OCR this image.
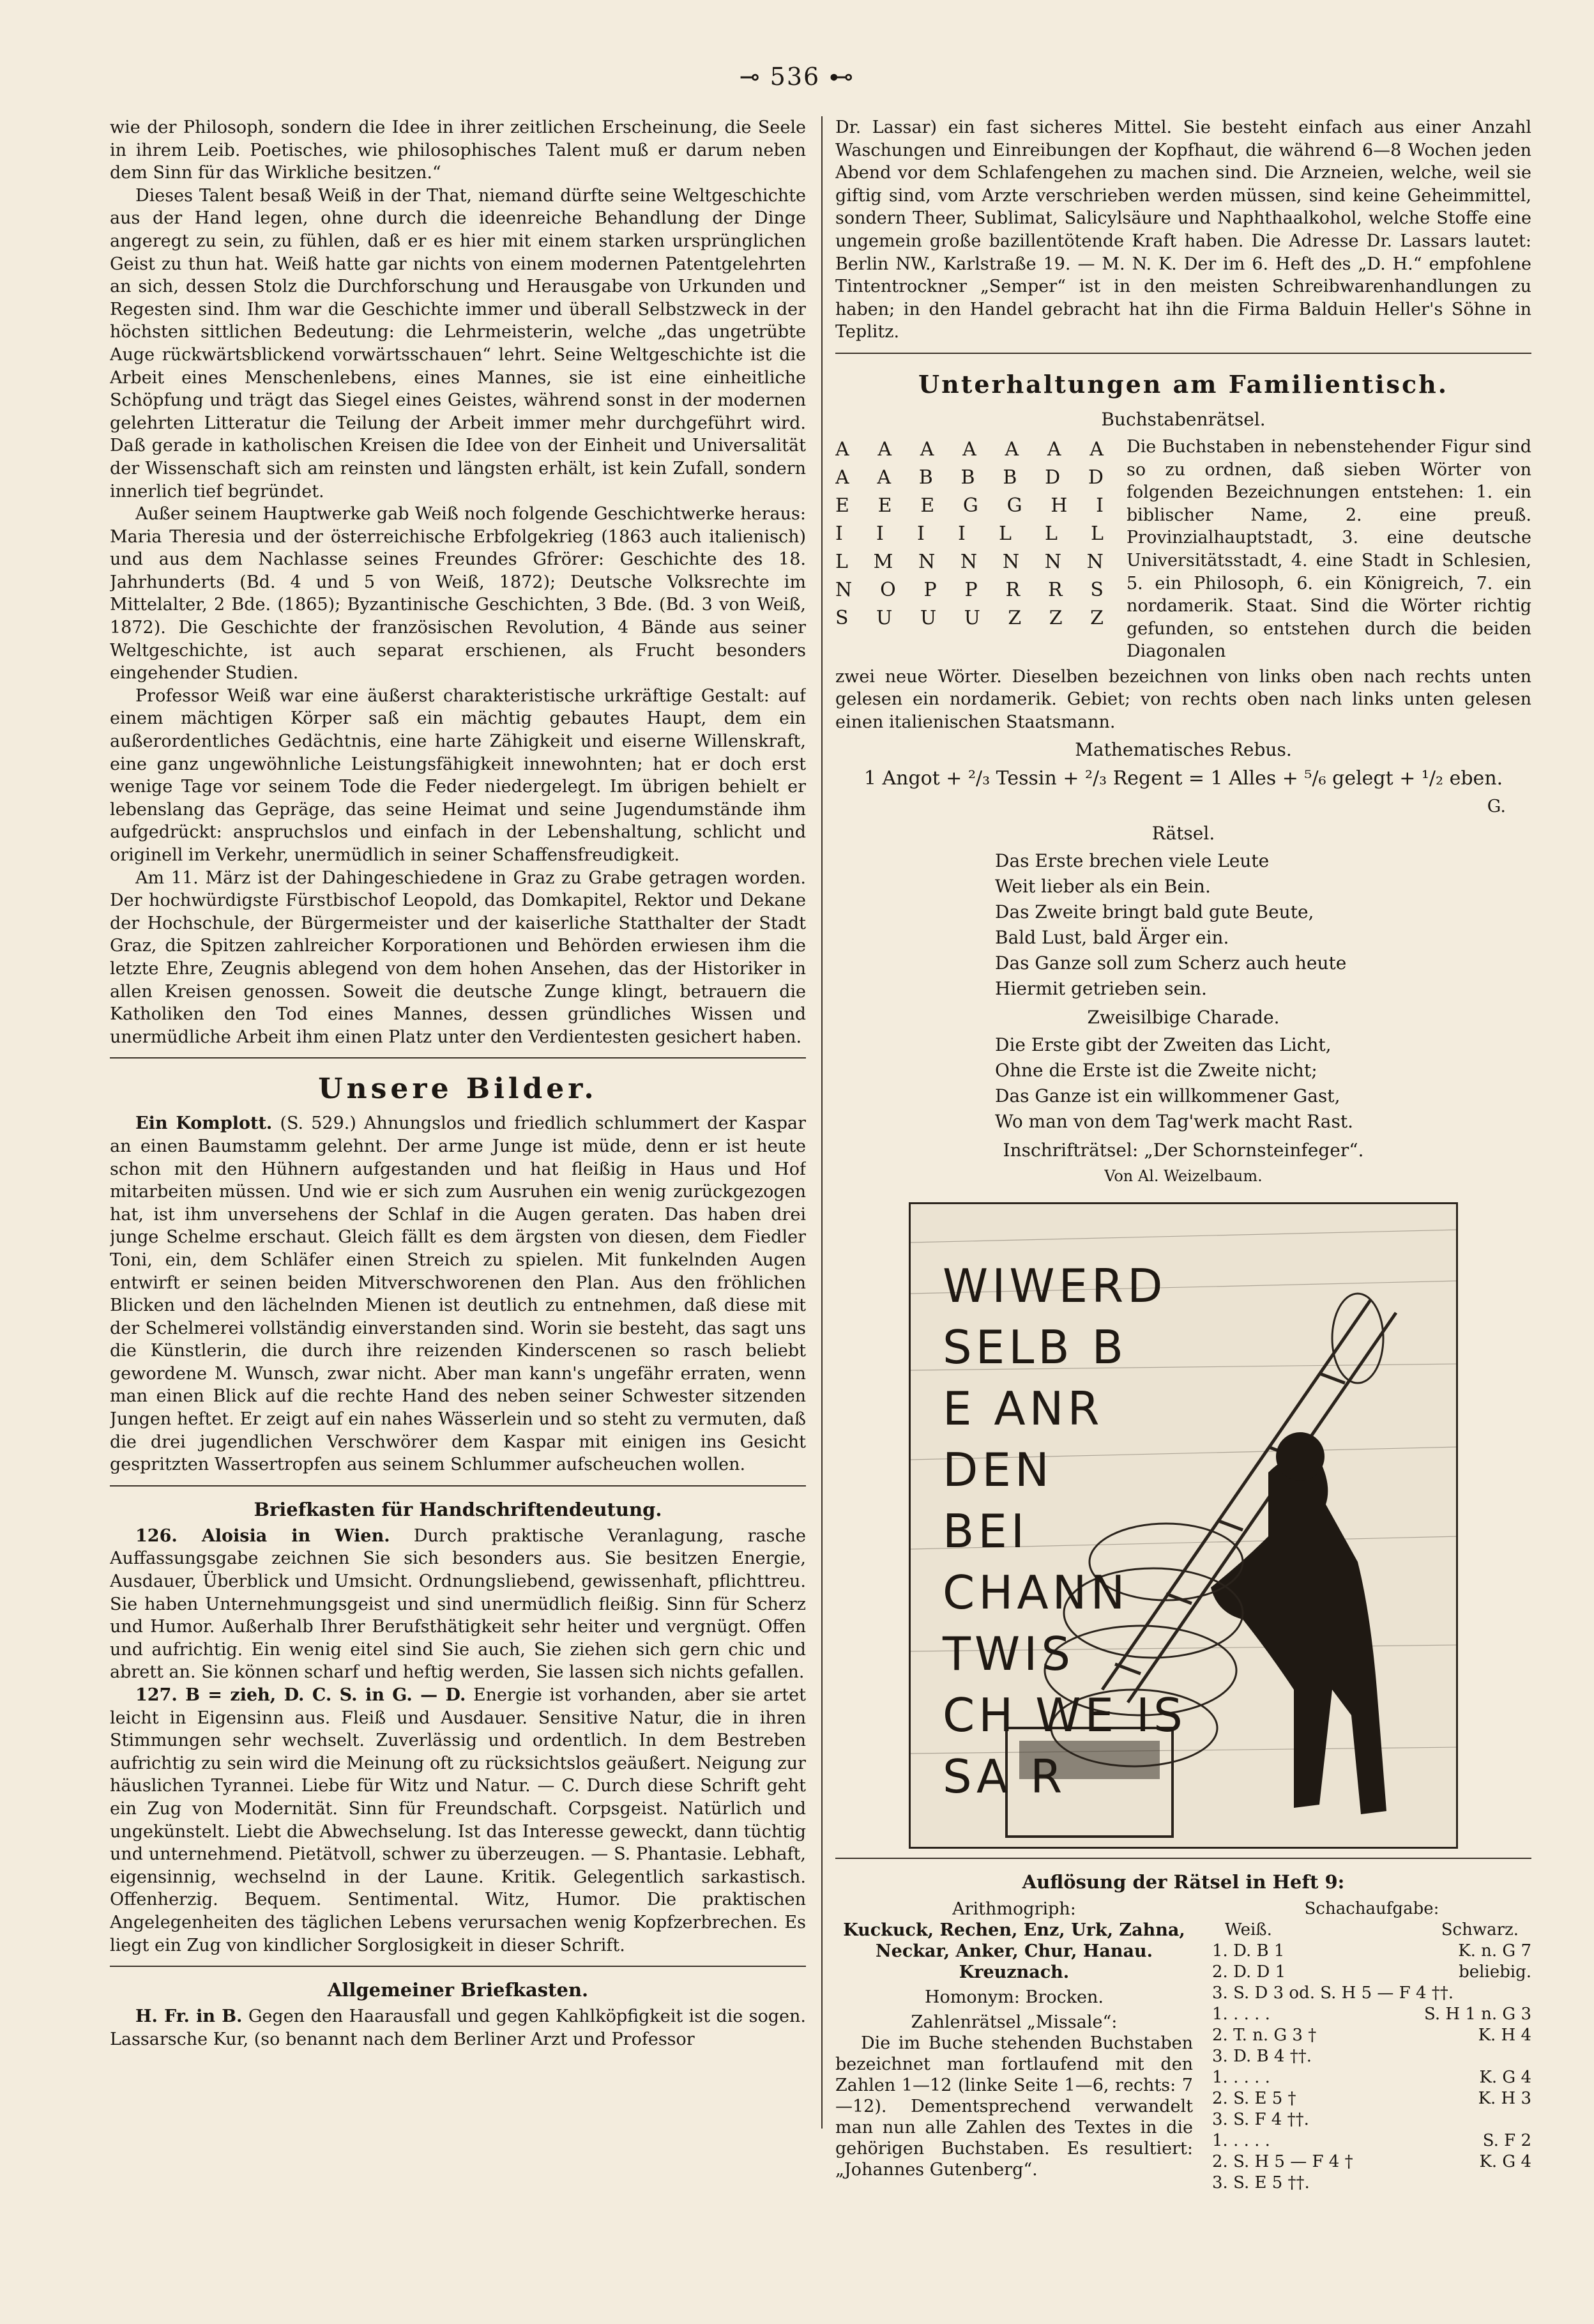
⊸ 536 ⊷

wie der Philosoph, sondern die Idee in ihrer zeitlichen Erscheinung, die Seele in ihrem Leib. Poetisches, wie philosophisches Talent muß er darum neben dem Sinn für das Wirkliche besitzen.“

Dieses Talent besaß Weiß in der That, niemand dürfte seine Weltgeschichte aus der Hand legen, ohne durch die ideenreiche Behandlung der Dinge angeregt zu sein, zu fühlen, daß er es hier mit einem starken ursprünglichen Geist zu thun hat. Weiß hatte gar nichts von einem modernen Patentgelehrten an sich, dessen Stolz die Durchforschung und Herausgabe von Urkunden und Regesten sind. Ihm war die Geschichte immer und überall Selbstzweck in der höchsten sittlichen Bedeutung: die Lehrmeisterin, welche „das ungetrübte Auge rückwärtsblickend vorwärtsschauen“ lehrt. Seine Weltgeschichte ist die Arbeit eines Menschenlebens, eines Mannes, sie ist eine einheitliche Schöpfung und trägt das Siegel eines Geistes, während sonst in der modernen gelehrten Litteratur die Teilung der Arbeit immer mehr durchgeführt wird. Daß gerade in katholischen Kreisen die Idee von der Einheit und Universalität der Wissenschaft sich am reinsten und längsten erhält, ist kein Zufall, sondern innerlich tief begründet.

Außer seinem Hauptwerke gab Weiß noch folgende Geschichtwerke heraus: Maria Theresia und der österreichische Erbfolgekrieg (1863 auch italienisch) und aus dem Nachlasse seines Freundes Gfrörer: Geschichte des 18. Jahrhunderts (Bd. 4 und 5 von Weiß, 1872); Deutsche Volksrechte im Mittelalter, 2 Bde. (1865); Byzantinische Geschichten, 3 Bde. (Bd. 3 von Weiß, 1872). Die Geschichte der französischen Revolution, 4 Bände aus seiner Weltgeschichte, ist auch separat erschienen, als Frucht besonders eingehender Studien.

Professor Weiß war eine äußerst charakteristische urkräftige Gestalt: auf einem mächtigen Körper saß ein mächtig gebautes Haupt, dem ein außerordentliches Gedächtnis, eine harte Zähigkeit und eiserne Willenskraft, eine ganz ungewöhnliche Leistungsfähigkeit innewohnten; hat er doch erst wenige Tage vor seinem Tode die Feder niedergelegt. Im übrigen behielt er lebenslang das Gepräge, das seine Heimat und seine Jugendumstände ihm aufgedrückt: anspruchslos und einfach in der Lebenshaltung, schlicht und originell im Verkehr, unermüdlich in seiner Schaffensfreudigkeit.

Am 11. März ist der Dahingeschiedene in Graz zu Grabe getragen worden. Der hochwürdigste Fürstbischof Leopold, das Domkapitel, Rektor und Dekane der Hochschule, der Bürgermeister und der kaiserliche Statthalter der Stadt Graz, die Spitzen zahlreicher Korporationen und Behörden erwiesen ihm die letzte Ehre, Zeugnis ablegend von dem hohen Ansehen, das der Historiker in allen Kreisen genossen. Soweit die deutsche Zunge klingt, betrauern die Katholiken den Tod eines Mannes, dessen gründliches Wissen und unermüdliche Arbeit ihm einen Platz unter den Verdientesten gesichert haben.

Unsere Bilder.

Ein Komplott. (S. 529.) Ahnungslos und friedlich schlummert der Kaspar an einen Baumstamm gelehnt. Der arme Junge ist müde, denn er ist heute schon mit den Hühnern aufgestanden und hat fleißig in Haus und Hof mitarbeiten müssen. Und wie er sich zum Ausruhen ein wenig zurückgezogen hat, ist ihm unversehens der Schlaf in die Augen geraten. Das haben drei junge Schelme erschaut. Gleich fällt es dem ärgsten von diesen, dem Fiedler Toni, ein, dem Schläfer einen Streich zu spielen. Mit funkelnden Augen entwirft er seinen beiden Mitverschworenen den Plan. Aus den fröhlichen Blicken und den lächelnden Mienen ist deutlich zu entnehmen, daß diese mit der Schelmerei vollständig einverstanden sind. Worin sie besteht, das sagt uns die Künstlerin, die durch ihre reizenden Kinderscenen so rasch beliebt gewordene M. Wunsch, zwar nicht. Aber man kann's ungefähr erraten, wenn man einen Blick auf die rechte Hand des neben seiner Schwester sitzenden Jungen heftet. Er zeigt auf ein nahes Wässerlein und so steht zu vermuten, daß die drei jugendlichen Verschwörer dem Kaspar mit einigen ins Gesicht gespritzten Wassertropfen aus seinem Schlummer aufscheuchen wollen.

Briefkasten für Handschriftendeutung.

126. Aloisia in Wien. Durch praktische Veranlagung, rasche Auffassungsgabe zeichnen Sie sich besonders aus. Sie besitzen Energie, Ausdauer, Überblick und Umsicht. Ordnungsliebend, gewissenhaft, pflichttreu. Sie haben Unternehmungsgeist und sind unermüdlich fleißig. Sinn für Scherz und Humor. Außerhalb Ihrer Berufsthätigkeit sehr heiter und vergnügt. Offen und aufrichtig. Ein wenig eitel sind Sie auch, Sie ziehen sich gern chic und abrett an. Sie können scharf und heftig werden, Sie lassen sich nichts gefallen.

127. B = zieh, D. C. S. in G. — D. Energie ist vorhanden, aber sie artet leicht in Eigensinn aus. Fleiß und Ausdauer. Sensitive Natur, die in ihren Stimmungen sehr wechselt. Zuverlässig und ordentlich. In dem Bestreben aufrichtig zu sein wird die Meinung oft zu rücksichtslos geäußert. Neigung zur häuslichen Tyrannei. Liebe für Witz und Natur. — C. Durch diese Schrift geht ein Zug von Modernität. Sinn für Freundschaft. Corpsgeist. Natürlich und ungekünstelt. Liebt die Abwechselung. Ist das Interesse geweckt, dann tüchtig und unternehmend. Pietätvoll, schwer zu überzeugen. — S. Phantasie. Lebhaft, eigensinnig, wechselnd in der Laune. Kritik. Gelegentlich sarkastisch. Offenherzig. Bequem. Sentimental. Witz, Humor. Die praktischen Angelegenheiten des täglichen Lebens verursachen wenig Kopfzerbrechen. Es liegt ein Zug von kindlicher Sorglosigkeit in dieser Schrift.

Allgemeiner Briefkasten.

H. Fr. in B. Gegen den Haarausfall und gegen Kahlköpfigkeit ist die sogen. Lassarsche Kur, (so benannt nach dem Berliner Arzt und Professor

Dr. Lassar) ein fast sicheres Mittel. Sie besteht einfach aus einer Anzahl Waschungen und Einreibungen der Kopfhaut, die während 6—8 Wochen jeden Abend vor dem Schlafengehen zu machen sind. Die Arzneien, welche, weil sie giftig sind, vom Arzte verschrieben werden müssen, sind keine Geheimmittel, sondern Theer, Sublimat, Salicylsäure und Naphthaalkohol, welche Stoffe eine ungemein große bazillentötende Kraft haben. Die Adresse Dr. Lassars lautet: Berlin NW., Karlstraße 19. — M. N. K. Der im 6. Heft des „D. H.“ empfohlene Tintentrockner „Semper“ ist in den meisten Schreibwarenhandlungen zu haben; in den Handel gebracht hat ihn die Firma Balduin Heller's Söhne in Teplitz.

Unterhaltungen am Familientisch.
Buchstabenrätsel.
A A A A A A A
A A B B B D D
E E E G G H I
I I I I L L L
L M N N N N N
N O P P R R S
S U U U Z Z Z
Die Buchstaben in nebenstehender Figur sind so zu ordnen, daß sieben Wörter von folgenden Bezeichnungen entstehen: 1. ein biblischer Name, 2. eine preuß. Provinzialhauptstadt, 3. eine deutsche Universitätsstadt, 4. eine Stadt in Schlesien, 5. ein Philosoph, 6. ein Königreich, 7. ein nordamerik. Staat. Sind die Wörter richtig gefunden, so entstehen durch die beiden Diagonalen

zwei neue Wörter. Dieselben bezeichnen von links oben nach rechts unten gelesen ein nordamerik. Gebiet; von rechts oben nach links unten gelesen einen italienischen Staatsmann.

Mathematisches Rebus.
1 Angot + ²/₃ Tessin + ²/₃ Regent = 1 Alles + ⁵/₆ gelegt + ¹/₂ eben.
G.
Rätsel.
Das Erste brechen viele Leute
Weit lieber als ein Bein.
Das Zweite bringt bald gute Beute,
Bald Lust, bald Ärger ein.
Das Ganze soll zum Scherz auch heute
Hiermit getrieben sein.
Zweisilbige Charade.
Die Erste gibt der Zweiten das Licht,
Ohne die Erste ist die Zweite nicht;
Das Ganze ist ein willkommener Gast,
Wo man von dem Tag'werk macht Rast.
Inschrifträtsel: „Der Schornsteinfeger“.
Von Al. Weizelbaum.
WIWERD
SELB B
E ANR
DEN
BEI
CHANN
TWIS
CH WE IS
SA R
Auflösung der Rätsel in Heft 9:
Arithmogriph:
Kuckuck, Rechen, Enz, Urk, Zahna, Neckar, Anker, Chur, Hanau. Kreuznach.
Homonym: Brocken.
Zahlenrätsel „Missale“:

Die im Buche stehenden Buchstaben bezeichnet man fortlaufend mit den Zahlen 1—12 (linke Seite 1—6, rechts: 7—12). Dementsprechend verwandelt man nun alle Zahlen des Textes in die gehörigen Buchstaben. Es resultiert: „Johannes Gutenberg“.

Schachaufgabe:
Weiß.	Schwarz.
1. D. B 1	K. n. G 7
2. D. D 1	beliebig.
3. S. D 3 od. S. H 5 — F 4 ††.
1. . . . .	S. H 1 n. G 3
2. T. n. G 3 †	K. H 4
3. D. B 4 ††.
1. . . . .	K. G 4
2. S. E 5 †	K. H 3
3. S. F 4 ††.
1. . . . .	S. F 2
2. S. H 5 — F 4 †	K. G 4
3. S. E 5 ††.
